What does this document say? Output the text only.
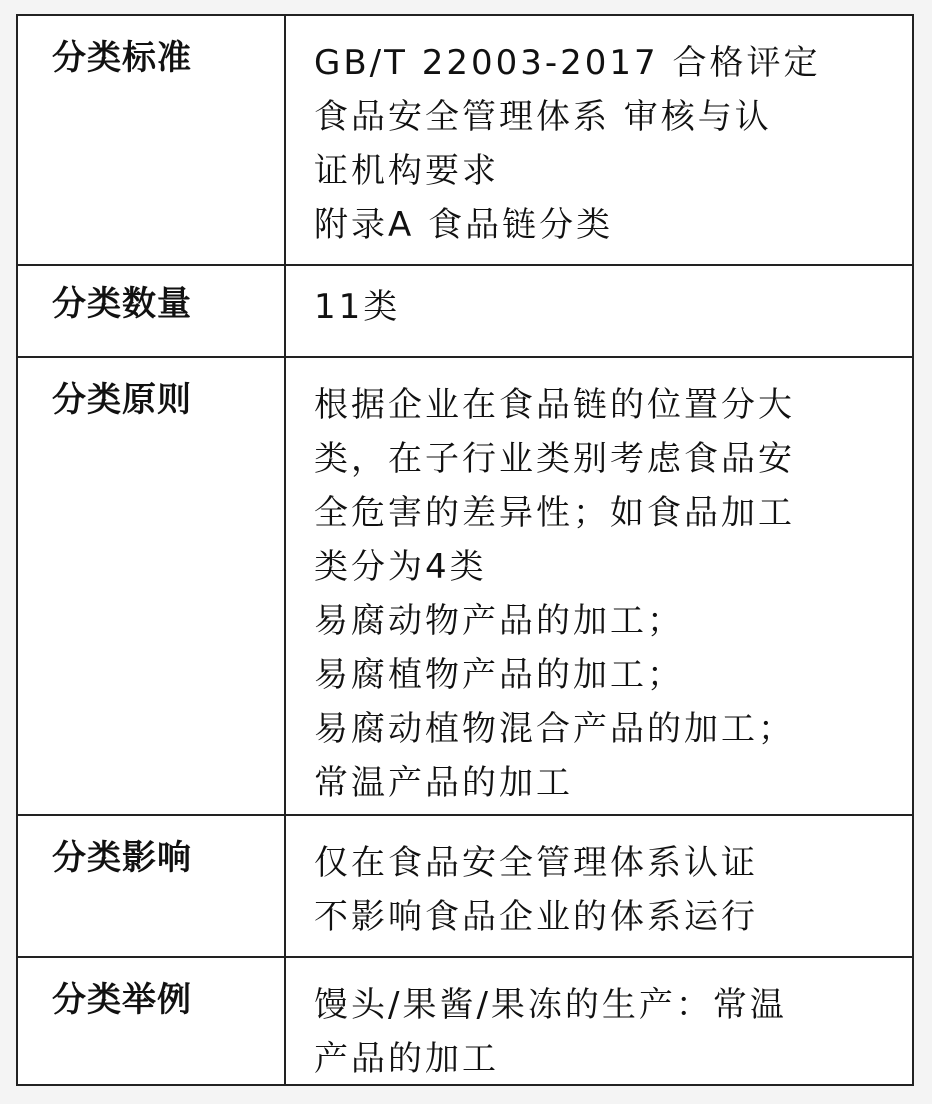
分类标准	GB/T 22003-2017 合格评定
食品安全管理体系 审核与认
证机构要求
附录A 食品链分类
分类数量	11类
分类原则	根据企业在食品链的位置分大
类，在子行业类别考虑食品安
全危害的差异性；如食品加工
类分为4类
易腐动物产品的加工；
易腐植物产品的加工；
易腐动植物混合产品的加工；
常温产品的加工
分类影响	仅在食品安全管理体系认证
不影响食品企业的体系运行
分类举例	馒头/果酱/果冻的生产：常温
产品的加工
